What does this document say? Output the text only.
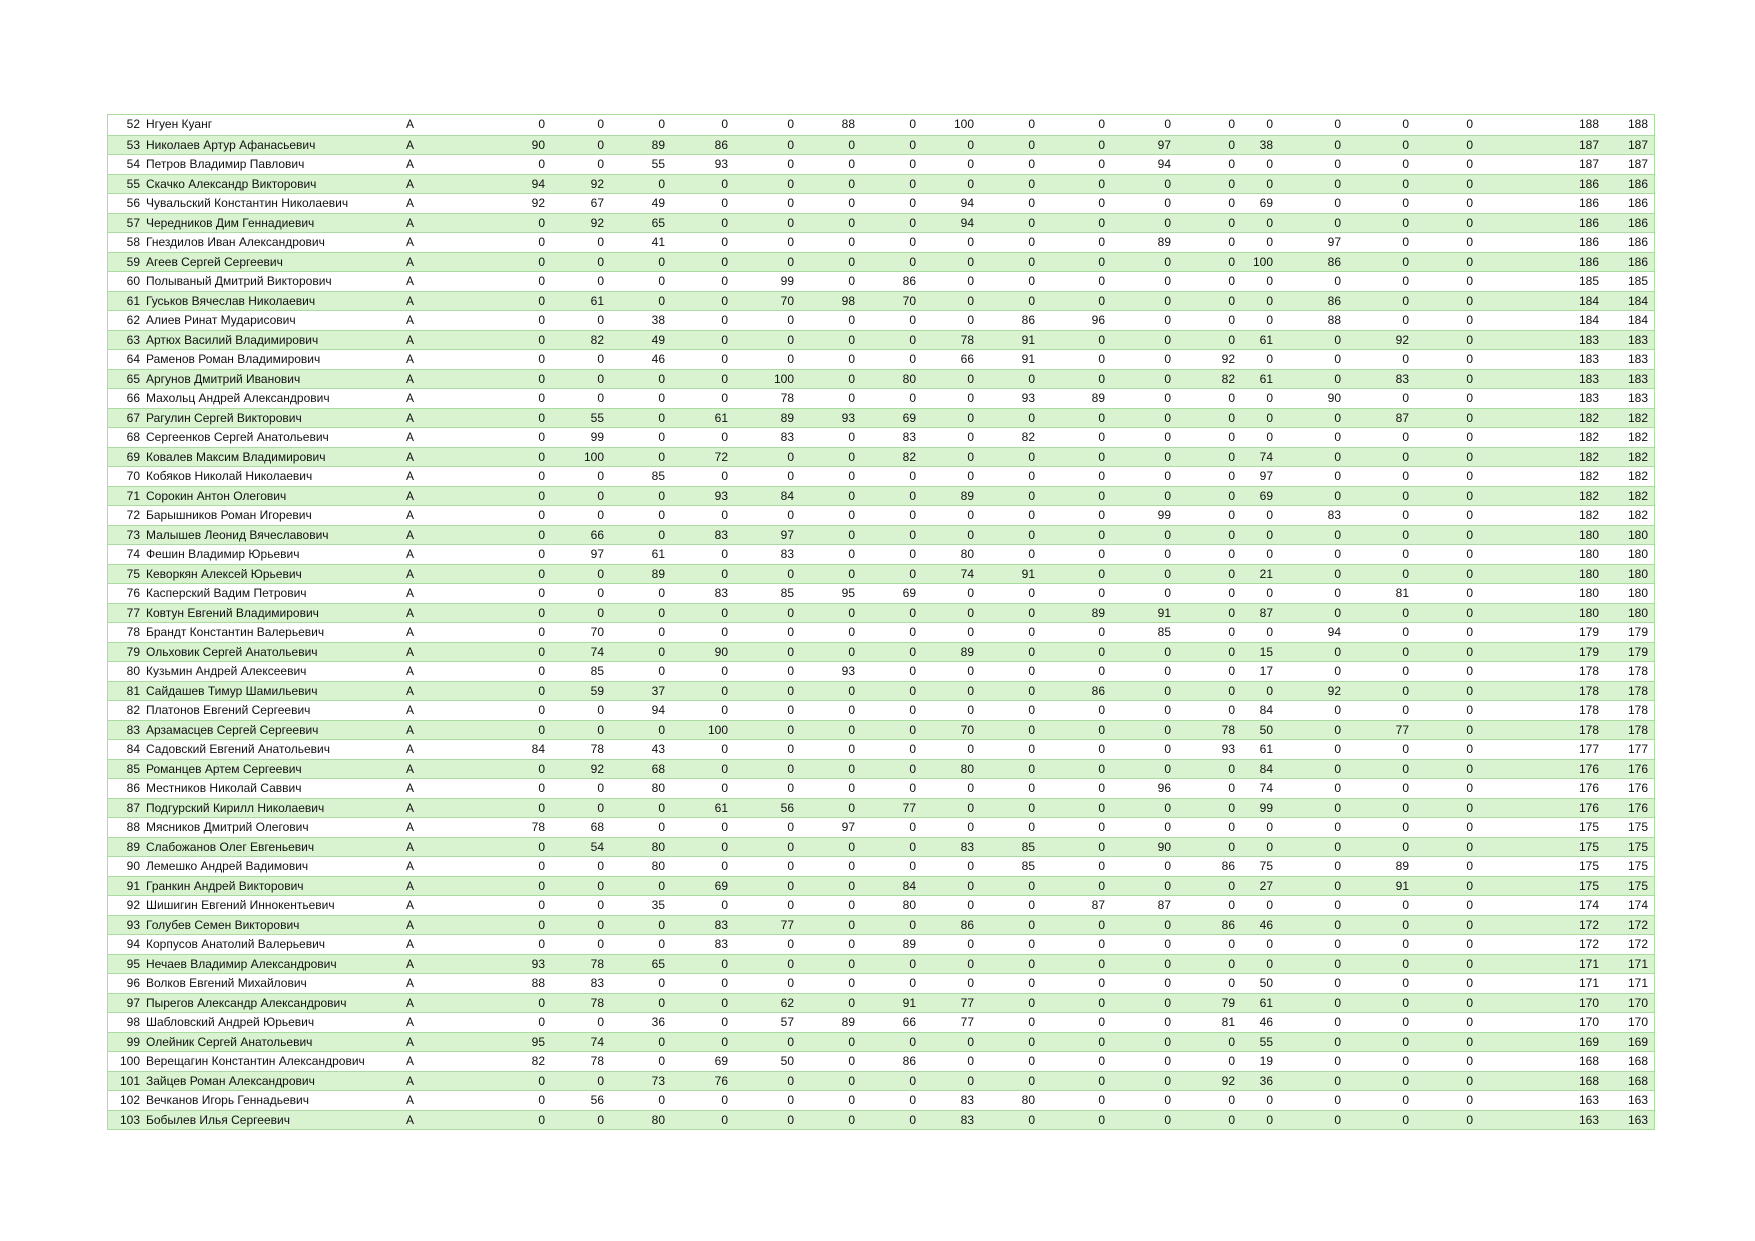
52 Нгуен Куанг	A	0	0	0	0	0	88	0	100	0	0	0	0	0	0	0	0	188	188
53 Николаев Артур Афанасьевич	A	90	0	89	86	0	0	0	0	0	0	97	0	38	0	0	0	187	187
54 Петров Владимир Павлович	A	0	0	55	93	0	0	0	0	0	0	94	0	0	0	0	0	187	187
55 Скачко Александр Викторович	A	94	92	0	0	0	0	0	0	0	0	0	0	0	0	0	0	186	186
56 Чувальский Константин Николаевич	A	92	67	49	0	0	0	0	94	0	0	0	0	69	0	0	0	186	186
57 Чередников Дим Геннадиевич	A	0	92	65	0	0	0	0	94	0	0	0	0	0	0	0	0	186	186
58 Гнездилов Иван Александрович	A	0	0	41	0	0	0	0	0	0	0	89	0	0	97	0	0	186	186
59 Агеев Сергей Сергеевич	A	0	0	0	0	0	0	0	0	0	0	0	0	100	86	0	0	186	186
60 Полываный Дмитрий Викторович	A	0	0	0	0	99	0	86	0	0	0	0	0	0	0	0	0	185	185
61 Гуськов Вячеслав Николаевич	A	0	61	0	0	70	98	70	0	0	0	0	0	0	86	0	0	184	184
62 Алиев Ринат Мударисович	A	0	0	38	0	0	0	0	0	86	96	0	0	0	88	0	0	184	184
63 Артюх Василий Владимирович	A	0	82	49	0	0	0	0	78	91	0	0	0	61	0	92	0	183	183
64 Раменов Роман Владимирович	A	0	0	46	0	0	0	0	66	91	0	0	92	0	0	0	0	183	183
65 Аргунов Дмитрий Иванович	A	0	0	0	0	100	0	80	0	0	0	0	82	61	0	83	0	183	183
66 Махольц Андрей Александрович	A	0	0	0	0	78	0	0	0	93	89	0	0	0	90	0	0	183	183
67 Рагулин Сергей Викторович	A	0	55	0	61	89	93	69	0	0	0	0	0	0	0	87	0	182	182
68 Сергеенков Сергей Анатольевич	A	0	99	0	0	83	0	83	0	82	0	0	0	0	0	0	0	182	182
69 Ковалев Максим Владимирович	A	0	100	0	72	0	0	82	0	0	0	0	0	74	0	0	0	182	182
70 Кобяков Николай Николаевич	A	0	0	85	0	0	0	0	0	0	0	0	0	97	0	0	0	182	182
71 Сорокин Антон Олегович	A	0	0	0	93	84	0	0	89	0	0	0	0	69	0	0	0	182	182
72 Барышников Роман Игоревич	A	0	0	0	0	0	0	0	0	0	0	99	0	0	83	0	0	182	182
73 Малышев Леонид Вячеславович	A	0	66	0	83	97	0	0	0	0	0	0	0	0	0	0	0	180	180
74 Фешин Владимир Юрьевич	A	0	97	61	0	83	0	0	80	0	0	0	0	0	0	0	0	180	180
75 Кеворкян Алексей Юрьевич	A	0	0	89	0	0	0	0	74	91	0	0	0	21	0	0	0	180	180
76 Касперский Вадим Петрович	A	0	0	0	83	85	95	69	0	0	0	0	0	0	0	81	0	180	180
77 Ковтун Евгений Владимирович	A	0	0	0	0	0	0	0	0	0	89	91	0	87	0	0	0	180	180
78 Брандт Константин Валерьевич	A	0	70	0	0	0	0	0	0	0	0	85	0	0	94	0	0	179	179
79 Ольховик Сергей Анатольевич	A	0	74	0	90	0	0	0	89	0	0	0	0	15	0	0	0	179	179
80 Кузьмин Андрей Алексеевич	A	0	85	0	0	0	93	0	0	0	0	0	0	17	0	0	0	178	178
81 Сайдашев Тимур Шамильевич	A	0	59	37	0	0	0	0	0	0	86	0	0	0	92	0	0	178	178
82 Платонов Евгений Сергеевич	A	0	0	94	0	0	0	0	0	0	0	0	0	84	0	0	0	178	178
83 Арзамасцев Сергей Сергеевич	A	0	0	0	100	0	0	0	70	0	0	0	78	50	0	77	0	178	178
84 Садовский Евгений Анатольевич	A	84	78	43	0	0	0	0	0	0	0	0	93	61	0	0	0	177	177
85 Романцев Артем Сергеевич	A	0	92	68	0	0	0	0	80	0	0	0	0	84	0	0	0	176	176
86 Местников Николай Саввич	A	0	0	80	0	0	0	0	0	0	0	96	0	74	0	0	0	176	176
87 Подгурский Кирилл Николаевич	A	0	0	0	61	56	0	77	0	0	0	0	0	99	0	0	0	176	176
88 Мясников Дмитрий Олегович	A	78	68	0	0	0	97	0	0	0	0	0	0	0	0	0	0	175	175
89 Слабожанов Олег Евгеньевич	A	0	54	80	0	0	0	0	83	85	0	90	0	0	0	0	0	175	175
90 Лемешко Андрей Вадимович	A	0	0	80	0	0	0	0	0	85	0	0	86	75	0	89	0	175	175
91 Гранкин Андрей Викторович	A	0	0	0	69	0	0	84	0	0	0	0	0	27	0	91	0	175	175
92 Шишигин Евгений Иннокентьевич	A	0	0	35	0	0	0	80	0	0	87	87	0	0	0	0	0	174	174
93 Голубев Семен Викторович	A	0	0	0	83	77	0	0	86	0	0	0	86	46	0	0	0	172	172
94 Корпусов Анатолий Валерьевич	A	0	0	0	83	0	0	89	0	0	0	0	0	0	0	0	0	172	172
95 Нечаев Владимир Александрович	A	93	78	65	0	0	0	0	0	0	0	0	0	0	0	0	0	171	171
96 Волков Евгений Михайлович	A	88	83	0	0	0	0	0	0	0	0	0	0	50	0	0	0	171	171
97 Пырегов Александр Александрович	A	0	78	0	0	62	0	91	77	0	0	0	79	61	0	0	0	170	170
98 Шабловский Андрей Юрьевич	A	0	0	36	0	57	89	66	77	0	0	0	81	46	0	0	0	170	170
99 Олейник Сергей Анатольевич	A	95	74	0	0	0	0	0	0	0	0	0	0	55	0	0	0	169	169
100 Верещагин Константин Александрович	A	82	78	0	69	50	0	86	0	0	0	0	0	19	0	0	0	168	168
101 Зайцев Роман Александрович	A	0	0	73	76	0	0	0	0	0	0	0	92	36	0	0	0	168	168
102 Вечканов Игорь Геннадьевич	A	0	56	0	0	0	0	0	83	80	0	0	0	0	0	0	0	163	163
103 Бобылев Илья Сергеевич	A	0	0	80	0	0	0	0	83	0	0	0	0	0	0	0	0	163	163
